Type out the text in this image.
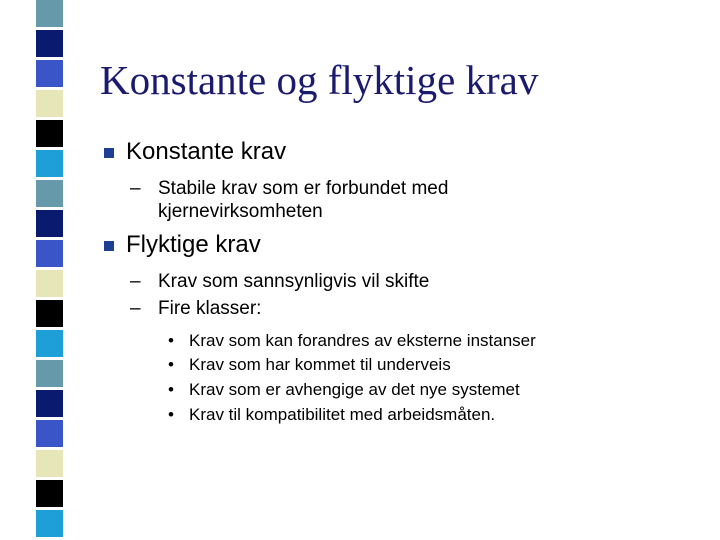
Konstante og flyktige krav
Konstante krav
– Stabile krav som er forbundet med kjernevirksomheten
Flyktige krav
– Krav som sannsynligvis vil skifte
– Fire klasser:
• Krav som kan forandres av eksterne instanser
• Krav som har kommet til underveis
• Krav som er avhengige av det nye systemet
• Krav til kompatibilitet med arbeidsmåten.
